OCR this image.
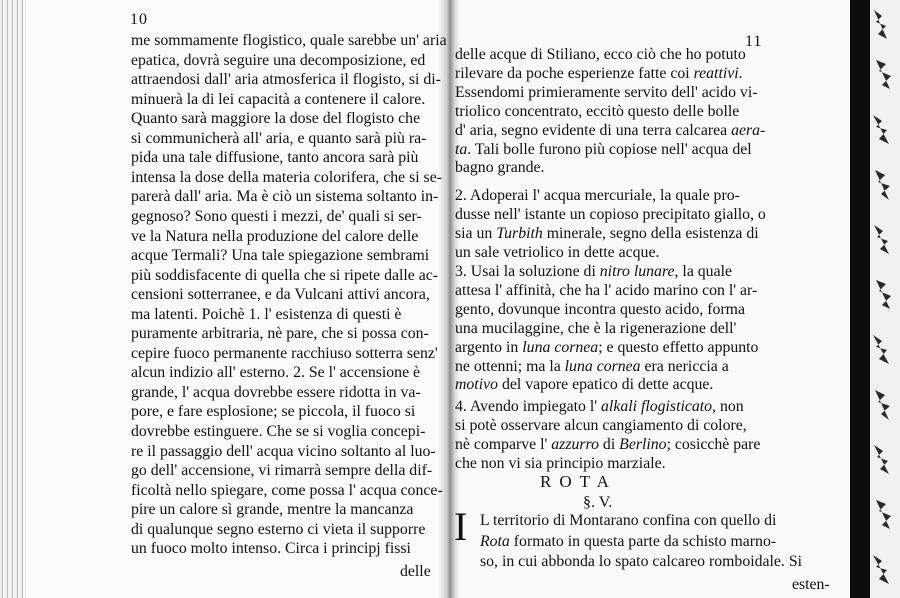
10
me sommamente flogistico, quale sarebbe un' aria
epatica, dovrà seguire una decomposizione, ed
attraendosi dall' aria atmosferica il flogisto, si di-
minuerà la di lei capacità a contenere il calore.
Quanto sarà maggiore la dose del flogisto che
si communicherà all' aria, e quanto sarà più ra-
pida una tale diffusione, tanto ancora sarà più
intensa la dose della materia colorifera, che si se-
parerà dall' aria. Ma è ciò un sistema soltanto in-
gegnoso? Sono questi i mezzi, de' quali si ser-
ve la Natura nella produzione del calore delle
acque Termali? Una tale spiegazione sembrami
più soddisfacente di quella che si ripete dalle ac-
censioni sotterranee, e da Vulcani attivi ancora,
ma latenti. Poichè 1. l' esistenza di questi è
puramente arbitraria, nè pare, che si possa con-
cepire fuoco permanente racchiuso sotterra senz'
alcun indizio all' esterno. 2. Se l' accensione è
grande, l' acqua dovrebbe essere ridotta in va-
pore, e fare esplosione; se piccola, il fuoco si
dovrebbe estinguere. Che se si voglia concepi-
re il passaggio dell' acqua vicino soltanto al luo-
go dell' accensione, vi rimarrà sempre della dif-
ficoltà nello spiegare, come possa l' acqua conce-
pire un calore sì grande, mentre la mancanza
di qualunque segno esterno ci vieta il supporre
un fuoco molto intenso. Circa i principj fissi
delle
11
delle acque di Stiliano, ecco ciò che ho potuto
rilevare da poche esperienze fatte coi reattivi.
Essendomi primieramente servito dell' acido vi-
triolico concentrato, eccitò questo delle bolle
d' aria, segno evidente di una terra calcarea aera-
ta. Tali bolle furono più copiose nell' acqua del
bagno grande.
2. Adoperai l' acqua mercuriale, la quale pro-
dusse nell' istante un copioso precipitato giallo, o
sia un Turbith minerale, segno della esistenza di
un sale vetriolico in dette acque.
3. Usai la soluzione di nitro lunare, la quale
attesa l' affinità, che ha l' acido marino con l' ar-
gento, dovunque incontra questo acido, forma
una mucilaggine, che è la rigenerazione dell'
argento in luna cornea; e questo effetto appunto
ne ottenni; ma la luna cornea era nericcia a
motivo del vapore epatico di dette acque.
4. Avendo impiegato l' alkali flogisticato, non
si potè osservare alcun cangiamento di colore,
nè comparve l' azzurro di Berlino; cosicchè pare
che non vi sia principio marziale.
L territorio di Montarano confina con quello di
Rota formato in questa parte da schisto marno-
so, in cui abbonda lo spato calcareo romboidale. Si
ROTA
§. V.
I
esten-
